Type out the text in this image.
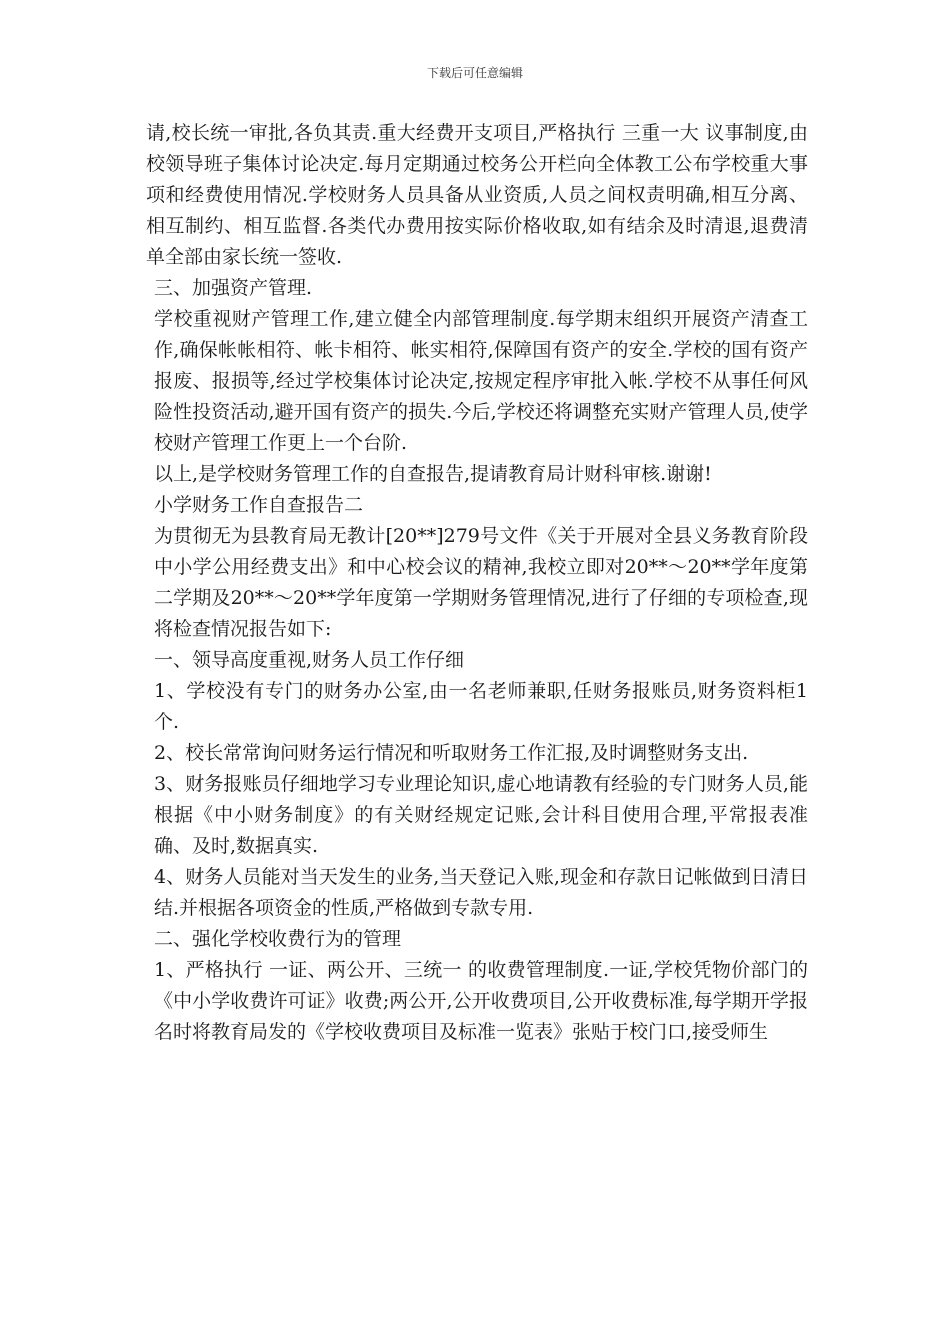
下载后可任意编辑

请,校长统一审批,各负其责.重大经费开支项目,严格执行 三重一大 议事制度,由校领导班子集体讨论决定.每月定期通过校务公开栏向全体教工公布学校重大事项和经费使用情况.学校财务人员具备从业资质,人员之间权责明确,相互分离、相互制约、相互监督.各类代办费用按实际价格收取,如有结余及时清退,退费清单全部由家长统一签收.

三、加强资产管理.

学校重视财产管理工作,建立健全内部管理制度.每学期末组织开展资产清查工作,确保帐帐相符、帐卡相符、帐实相符,保障国有资产的安全.学校的国有资产报废、报损等,经过学校集体讨论决定,按规定程序审批入帐.学校不从事任何风险性投资活动,避开国有资产的损失.今后,学校还将调整充实财产管理人员,使学校财产管理工作更上一个台阶.

以上,是学校财务管理工作的自查报告,提请教育局计财科审核.谢谢!

小学财务工作自查报告二

为贯彻无为县教育局无教计[20**]279号文件《关于开展对全县义务教育阶段中小学公用经费支出》和中心校会议的精神,我校立即对20**～20**学年度第二学期及20**～20**学年度第一学期财务管理情况,进行了仔细的专项检查,现将检查情况报告如下:

一、领导高度重视,财务人员工作仔细

1、学校没有专门的财务办公室,由一名老师兼职,任财务报账员,财务资料柜1个.

2、校长常常询问财务运行情况和听取财务工作汇报,及时调整财务支出.

3、财务报账员仔细地学习专业理论知识,虚心地请教有经验的专门财务人员,能根据《中小财务制度》的有关财经规定记账,会计科目使用合理,平常报表准确、及时,数据真实.

4、财务人员能对当天发生的业务,当天登记入账,现金和存款日记帐做到日清日结.并根据各项资金的性质,严格做到专款专用.

二、强化学校收费行为的管理

1、严格执行 一证、两公开、三统一 的收费管理制度.一证,学校凭物价部门的《中小学收费许可证》收费;两公开,公开收费项目,公开收费标准,每学期开学报名时将教育局发的《学校收费项目及标准一览表》张贴于校门口,接受师生
